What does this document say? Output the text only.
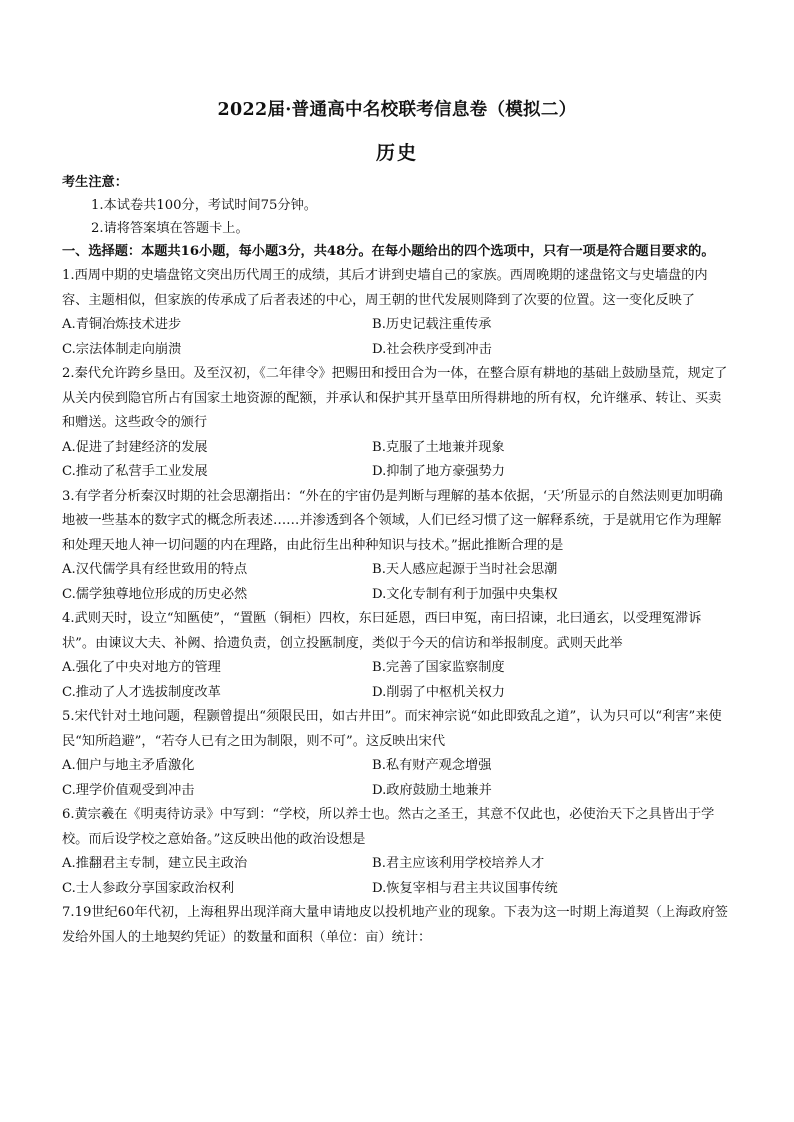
2022届·普通高中名校联考信息卷（模拟二）
历史

考生注意：

1.本试卷共100分，考试时间75分钟。

2.请将答案填在答题卡上。

一、选择题：本题共16小题，每小题3分，共48分。在每小题给出的四个选项中，只有一项是符合题目要求的。

1.西周中期的史墙盘铭文突出历代周王的成绩，其后才讲到史墙自己的家族。西周晚期的逑盘铭文与史墙盘的内容、主题相似，但家族的传承成了后者表述的中心，周王朝的世代发展则降到了次要的位置。这一变化反映了

A.青铜冶炼技术进步	B.历史记载注重传承
C.宗法体制走向崩溃	D.社会秩序受到冲击

2.秦代允许跨乡垦田。及至汉初，《二年律令》把赐田和授田合为一体，在整合原有耕地的基础上鼓励垦荒，规定了从关内侯到隐官所占有国家土地资源的配额，并承认和保护其开垦草田所得耕地的所有权，允许继承、转让、买卖和赠送。这些政令的颁行

A.促进了封建经济的发展	B.克服了土地兼并现象
C.推动了私营手工业发展	D.抑制了地方豪强势力

3.有学者分析秦汉时期的社会思潮指出：“外在的宇宙仍是判断与理解的基本依据，‘天’所显示的自然法则更加明确地被一些基本的数字式的概念所表述……并渗透到各个领域，人们已经习惯了这一解释系统，于是就用它作为理解和处理天地人神一切问题的内在理路，由此衍生出种种知识与技术。”据此推断合理的是

A.汉代儒学具有经世致用的特点	B.天人感应起源于当时社会思潮
C.儒学独尊地位形成的历史必然	D.文化专制有利于加强中央集权

4.武则天时，设立“知匦使”，“置匦（铜柜）四枚，东曰延恩，西曰申冤，南曰招谏，北曰通玄，以受理冤滞诉状”。由谏议大夫、补阙、拾遗负责，创立投匦制度，类似于今天的信访和举报制度。武则天此举

A.强化了中央对地方的管理	B.完善了国家监察制度
C.推动了人才选拔制度改革	D.削弱了中枢机关权力

5.宋代针对土地问题，程颢曾提出“须限民田，如古井田”。而宋神宗说“如此即致乱之道”，认为只可以“利害”来使民“知所趋避”，“若夺人已有之田为制限，则不可”。这反映出宋代

A.佃户与地主矛盾激化	B.私有财产观念增强
C.理学价值观受到冲击	D.政府鼓励土地兼并

6.黄宗羲在《明夷待访录》中写到：“学校，所以养士也。然古之圣王，其意不仅此也，必使治天下之具皆出于学校。而后设学校之意始备。”这反映出他的政治设想是

A.推翻君主专制，建立民主政治	B.君主应该利用学校培养人才
C.士人参政分享国家政治权利	D.恢复宰相与君主共议国事传统

7.19世纪60年代初，上海租界出现洋商大量申请地皮以投机地产业的现象。下表为这一时期上海道契（上海政府签发给外国人的土地契约凭证）的数量和面积（单位：亩）统计：
